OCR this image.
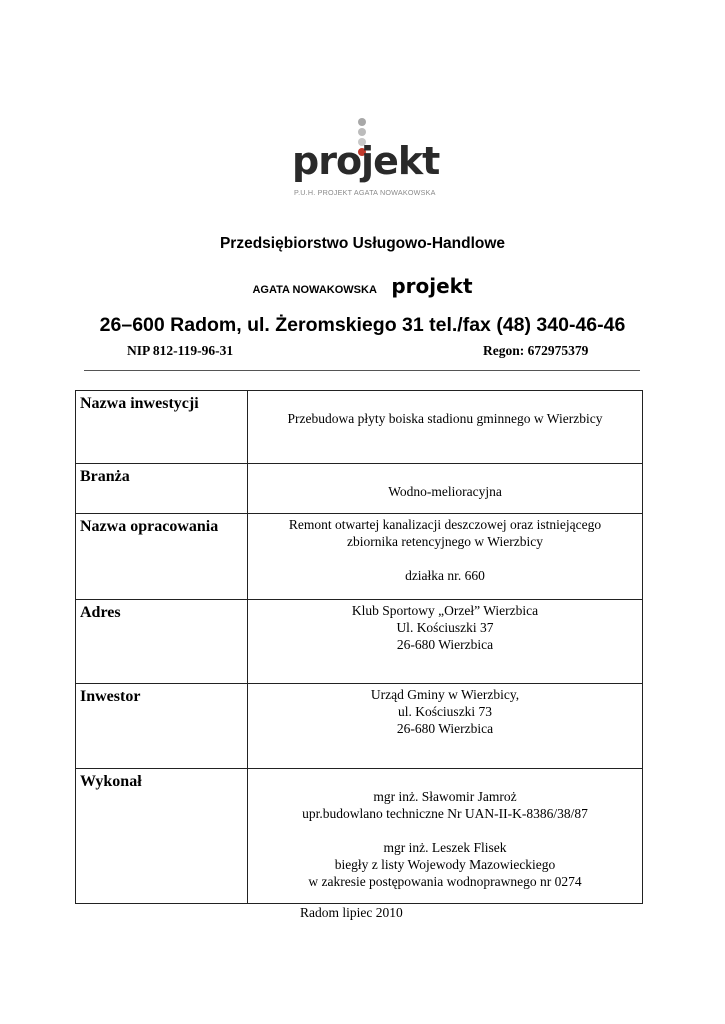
projekt
P.U.H. PROJEKT AGATA NOWAKOWSKA
Przedsiębiorstwo Usługowo-Handlowe
AGATA NOWAKOWSKA projekt
26–600 Radom, ul. Żeromskiego 31 tel./fax (48) 340-46-46
NIP 812-119-96-31	Regon: 672975379
Nazwa inwestycji	Przebudowa płyty boiska stadionu gminnego w Wierzbicy

Branża	Wodno-melioracyjna

Nazwa opracowania	Remont otwartej kanalizacji deszczowej oraz istniejącego
zbiornika retencyjnego w Wierzbicy
działka nr. 660

Adres	Klub Sportowy „Orzeł” Wierzbica
Ul. Kościuszki 37
26-680 Wierzbica

Inwestor	Urząd Gminy w Wierzbicy,
ul. Kościuszki 73
26-680 Wierzbica

Wykonał	mgr inż. Sławomir Jamroż
upr.budowlano techniczne Nr UAN-II-K-8386/38/87
mgr inż. Leszek Flisek
biegły z listy Wojewody Mazowieckiego
w zakresie postępowania wodnoprawnego nr 0274
Radom lipiec 2010
